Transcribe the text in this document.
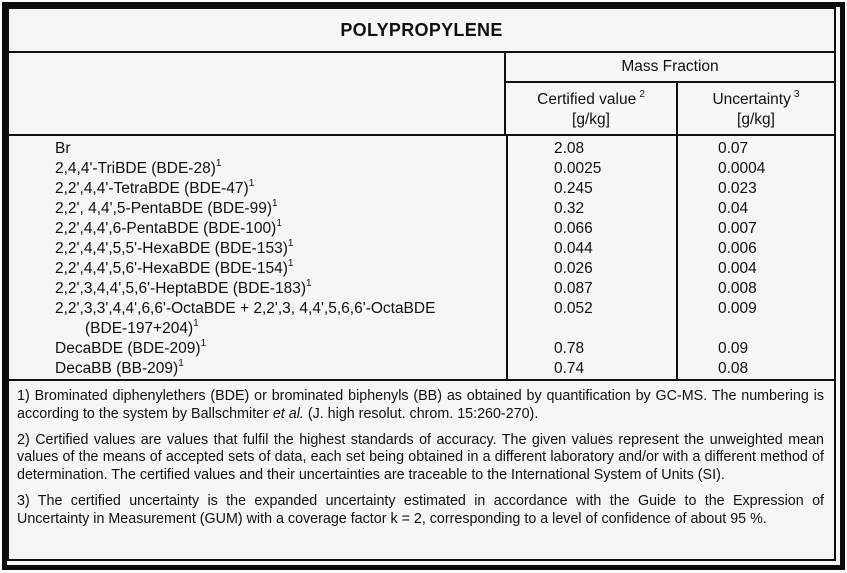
POLYPROPYLENE
Mass Fraction
Certified value  $^2$
[g/kg]
Uncertainty  $^3$
[g/kg]
Br
2,4,4'-TriBDE $(BDE-28)^1$
2,2',4,4'-TetraBDE $(BDE-47)^1$
2,2', 4,4',5-PentaBDE $(BDE-99)^1$
2,2',4,4',6-PentaBDE $(BDE-100)^1$
2,2',4,4',5,5'-HexaBDE $(BDE-153)^1$
2,2',4,4',5,6'-HexaBDE $(BDE-154)^1$
2,2',3,4,4',5,6'-HeptaBDE $(BDE-183)^1$
2,2',3,3',4,4',6,6'-OctaBDE + 2,2',3, 4,4',5,6,6'-OctaBDE
$(BDE-197+204)^1$
DecaBDE $(BDE-209)^1$
DecaBB $(BB-209)^1$
2.08
0.0025
0.245
0.32
0.066
0.044
0.026
0.087
0.052
0.78
0.74
0.07
0.0004
0.023
0.04
0.007
0.006
0.004
0.008
0.009
0.09
0.08

1) Brominated diphenylethers (BDE) or brominated biphenyls (BB) as obtained by quantification by GC-MS. The numbering is according to the system by Ballschmiter et al. (J. high resolut. chrom. 15:260-270).

2) Certified values are values that fulfil the highest standards of accuracy. The given values represent the unweighted mean values of the means of accepted sets of data, each set being obtained in a different laboratory and/or with a different method of determination. The certified values and their uncertainties are traceable to the International System of Units (SI).

3) The certified uncertainty is the expanded uncertainty estimated in accordance with the Guide to the Expression of Uncertainty in Measurement (GUM) with a coverage factor k = 2, corresponding to a level of confidence of about 95 %.
